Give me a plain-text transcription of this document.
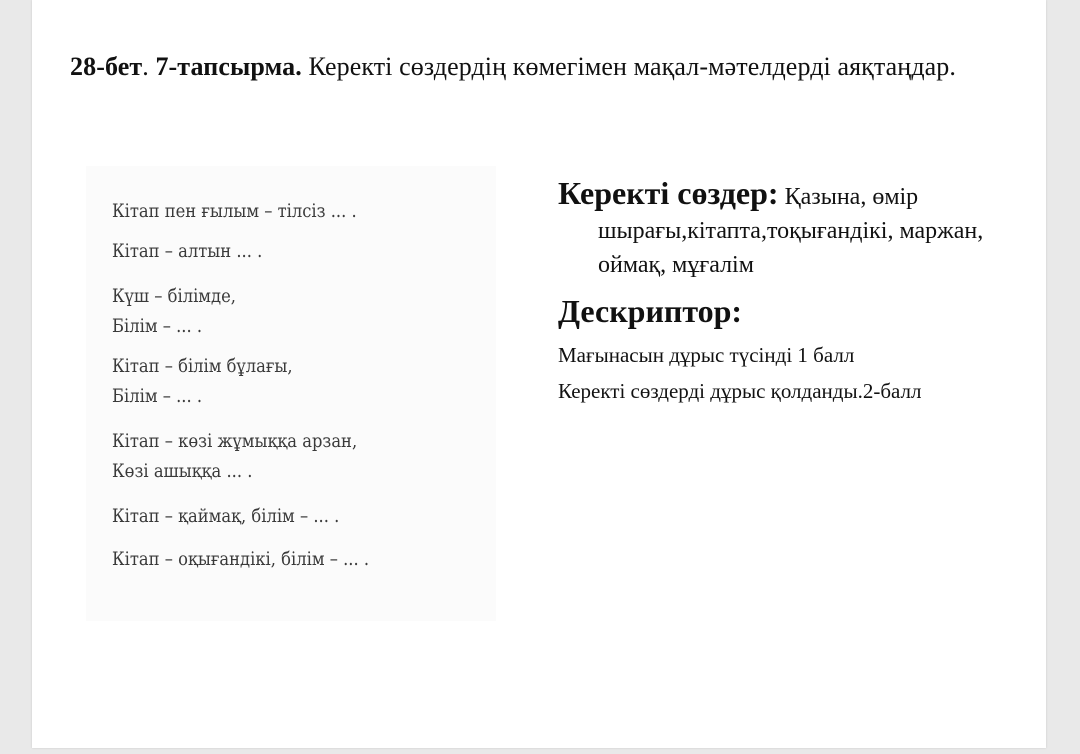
28-бет. 7-тапсырма. Керекті сөздердің көмегімен мақал-мәтелдерді аяқтаңдар.
Кітап пен ғылым – тілсіз ... .
Кітап – алтын ... .
Күш – білімде,
Білім – ... .
Кітап – білім бұлағы,
Білім – ... .
Кітап – көзі жұмыққа арзан,
Көзі ашыққа ... .
Кітап – қаймақ, білім – ... .
Кітап – оқығандікі, білім – ... .
Керекті сөздер: Қазына, өмір шырағы,кітапта,тоқығандікі, маржан, оймақ, мұғалім
Дескриптор:
Мағынасын дұрыс түсінді 1 балл
Керекті сөздерді дұрыс қолданды.2-балл
